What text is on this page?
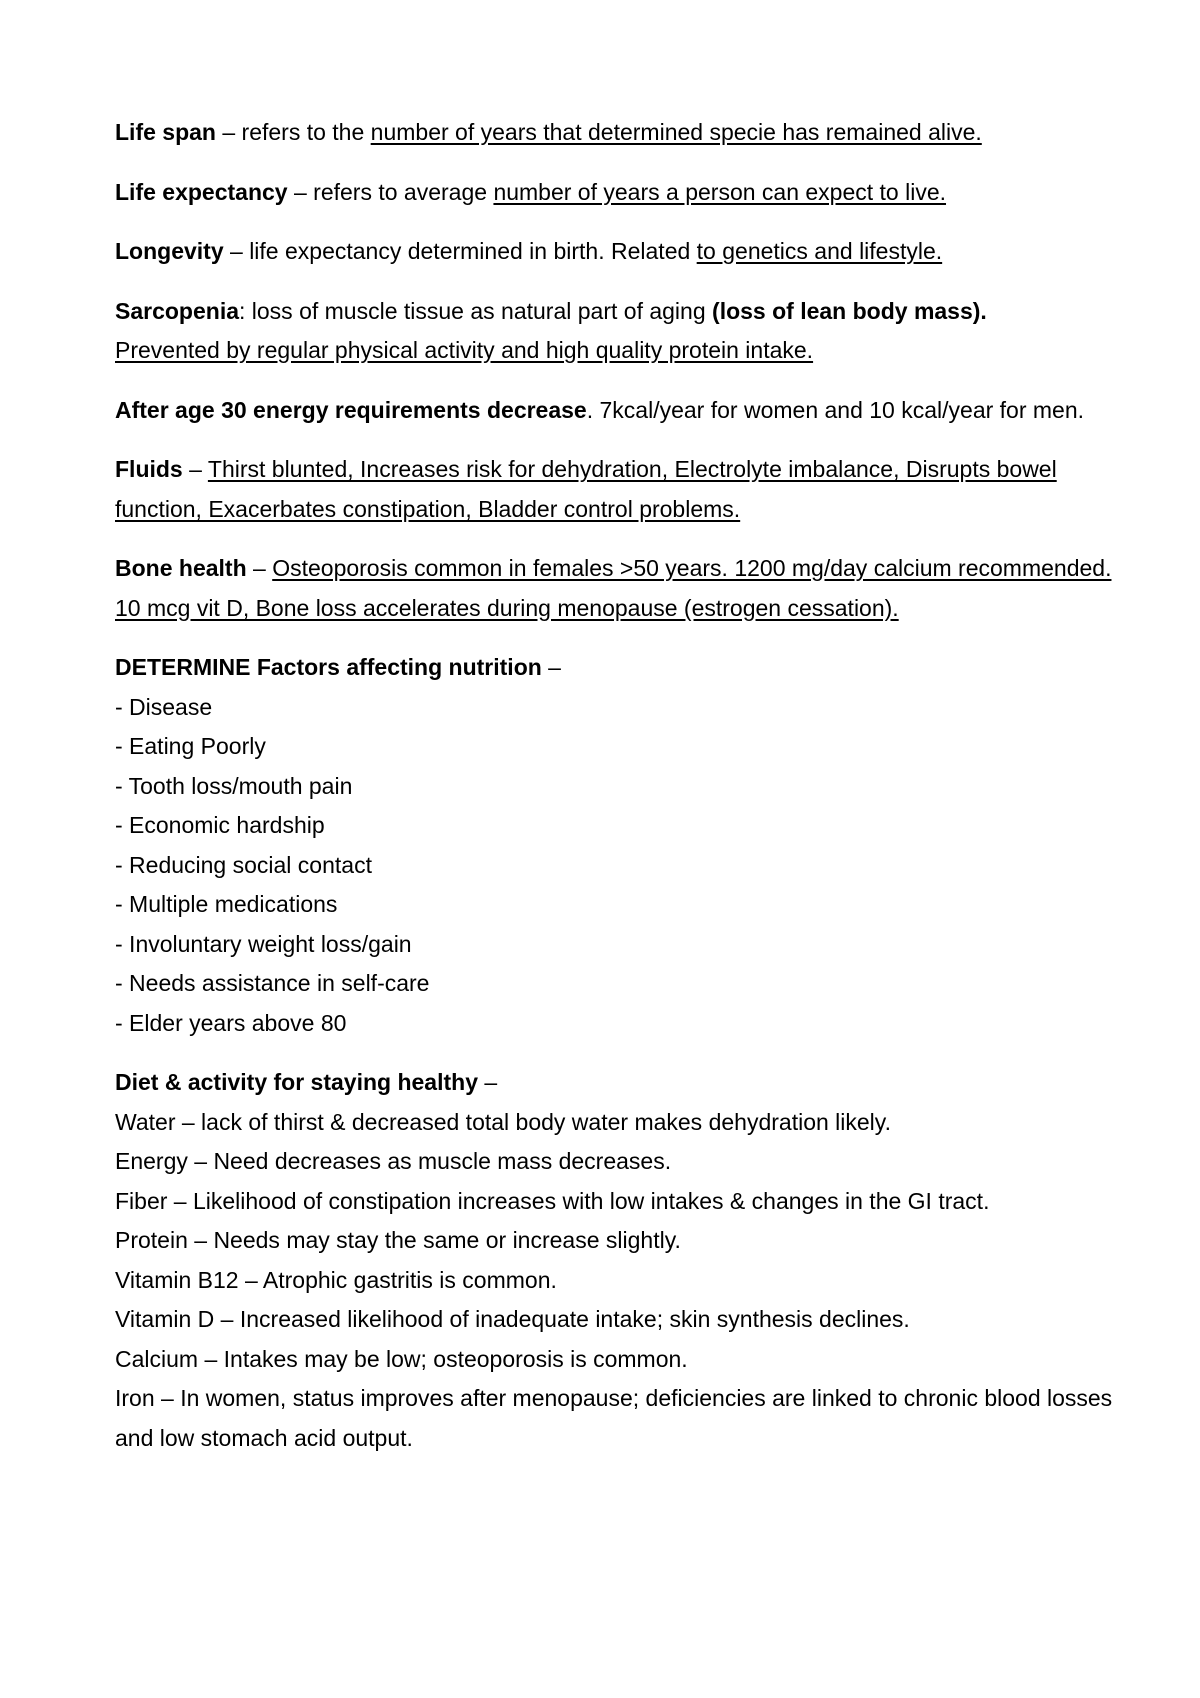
Life span – refers to the number of years that determined specie has remained alive.

Life expectancy – refers to average number of years a person can expect to live.

Longevity – life expectancy determined in birth. Related to genetics and lifestyle.

Sarcopenia: loss of muscle tissue as natural part of aging (loss of lean body mass).
Prevented by regular physical activity and high quality protein intake.

After age 30 energy requirements decrease. 7kcal/year for women and 10 kcal/year for men.

Fluids – Thirst blunted, Increases risk for dehydration, Electrolyte imbalance, Disrupts bowel function, Exacerbates constipation, Bladder control problems.

Bone health – Osteoporosis common in females >50 years. 1200 mg/day calcium recommended. 10 mcg vit D, Bone loss accelerates during menopause (estrogen cessation).

DETERMINE Factors affecting nutrition –
- Disease
- Eating Poorly
- Tooth loss/mouth pain
- Economic hardship
- Reducing social contact
- Multiple medications
- Involuntary weight loss/gain
- Needs assistance in self-care
- Elder years above 80
Diet & activity for staying healthy –
Water – lack of thirst & decreased total body water makes dehydration likely.
Energy – Need decreases as muscle mass decreases.
Fiber – Likelihood of constipation increases with low intakes & changes in the GI tract.
Protein – Needs may stay the same or increase slightly.
Vitamin B12 – Atrophic gastritis is common.
Vitamin D – Increased likelihood of inadequate intake; skin synthesis declines.
Calcium – Intakes may be low; osteoporosis is common.
Iron – In women, status improves after menopause; deficiencies are linked to chronic blood losses and low stomach acid output.
